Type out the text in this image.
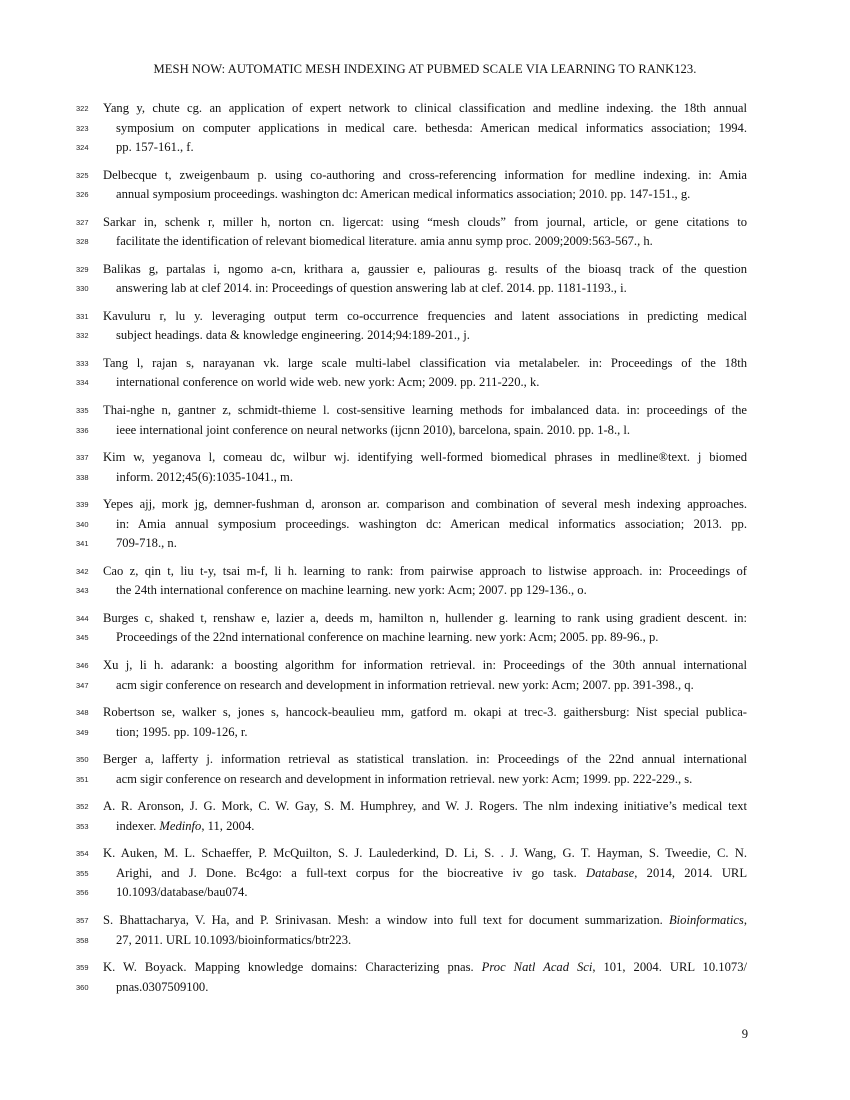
MESH NOW: AUTOMATIC MESH INDEXING AT PUBMED SCALE VIA LEARNING TO RANK123.
322 Yang y, chute cg. an application of expert network to clinical classification and medline indexing. the 18th annual
323 symposium on computer applications in medical care. bethesda: American medical informatics association; 1994.
324 pp. 157-161., f.
325 Delbecque t, zweigenbaum p. using co-authoring and cross-referencing information for medline indexing. in: Amia
326 annual symposium proceedings. washington dc: American medical informatics association; 2010. pp. 147-151., g.
327 Sarkar in, schenk r, miller h, norton cn. ligercat: using “mesh clouds” from journal, article, or gene citations to
328 facilitate the identification of relevant biomedical literature. amia annu symp proc. 2009;2009:563-567., h.
329 Balikas g, partalas i, ngomo a-cn, krithara a, gaussier e, paliouras g. results of the bioasq track of the question
330 answering lab at clef 2014. in: Proceedings of question answering lab at clef. 2014. pp. 1181-1193., i.
331 Kavuluru r, lu y. leveraging output term co-occurrence frequencies and latent associations in predicting medical
332 subject headings. data & knowledge engineering. 2014;94:189-201., j.
333 Tang l, rajan s, narayanan vk. large scale multi-label classification via metalabeler. in: Proceedings of the 18th
334 international conference on world wide web. new york: Acm; 2009. pp. 211-220., k.
335 Thai-nghe n, gantner z, schmidt-thieme l. cost-sensitive learning methods for imbalanced data. in: proceedings of the
336 ieee international joint conference on neural networks (ijcnn 2010), barcelona, spain. 2010. pp. 1-8., l.
337 Kim w, yeganova l, comeau dc, wilbur wj. identifying well-formed biomedical phrases in medline®text. j biomed
338 inform. 2012;45(6):1035-1041., m.
339 Yepes ajj, mork jg, demner-fushman d, aronson ar. comparison and combination of several mesh indexing approaches.
340 in: Amia annual symposium proceedings. washington dc: American medical informatics association; 2013. pp.
341 709-718., n.
342 Cao z, qin t, liu t-y, tsai m-f, li h. learning to rank: from pairwise approach to listwise approach. in: Proceedings of
343 the 24th international conference on machine learning. new york: Acm; 2007. pp 129-136., o.
344 Burges c, shaked t, renshaw e, lazier a, deeds m, hamilton n, hullender g. learning to rank using gradient descent. in:
345 Proceedings of the 22nd international conference on machine learning. new york: Acm; 2005. pp. 89-96., p.
346 Xu j, li h. adarank: a boosting algorithm for information retrieval. in: Proceedings of the 30th annual international
347 acm sigir conference on research and development in information retrieval. new york: Acm; 2007. pp. 391-398., q.
348 Robertson se, walker s, jones s, hancock-beaulieu mm, gatford m. okapi at trec-3. gaithersburg: Nist special publica-
349 tion; 1995. pp. 109-126, r.
350 Berger a, lafferty j. information retrieval as statistical translation. in: Proceedings of the 22nd annual international
351 acm sigir conference on research and development in information retrieval. new york: Acm; 1999. pp. 222-229., s.
352 A. R. Aronson, J. G. Mork, C. W. Gay, S. M. Humphrey, and W. J. Rogers. The nlm indexing initiative’s medical text
353 indexer. Medinfo, 11, 2004.
354 K. Auken, M. L. Schaeffer, P. McQuilton, S. J. Laulederkind, D. Li, S. . J. Wang, G. T. Hayman, S. Tweedie, C. N.
355 Arighi, and J. Done. Bc4go: a full-text corpus for the biocreative iv go task. Database, 2014, 2014. URL
356 10.1093/database/bau074.
357 S. Bhattacharya, V. Ha, and P. Srinivasan. Mesh: a window into full text for document summarization. Bioinformatics,
358 27, 2011. URL 10.1093/bioinformatics/btr223.
359 K. W. Boyack. Mapping knowledge domains: Characterizing pnas. Proc Natl Acad Sci, 101, 2004. URL 10.1073/
360 pnas.0307509100.
9
